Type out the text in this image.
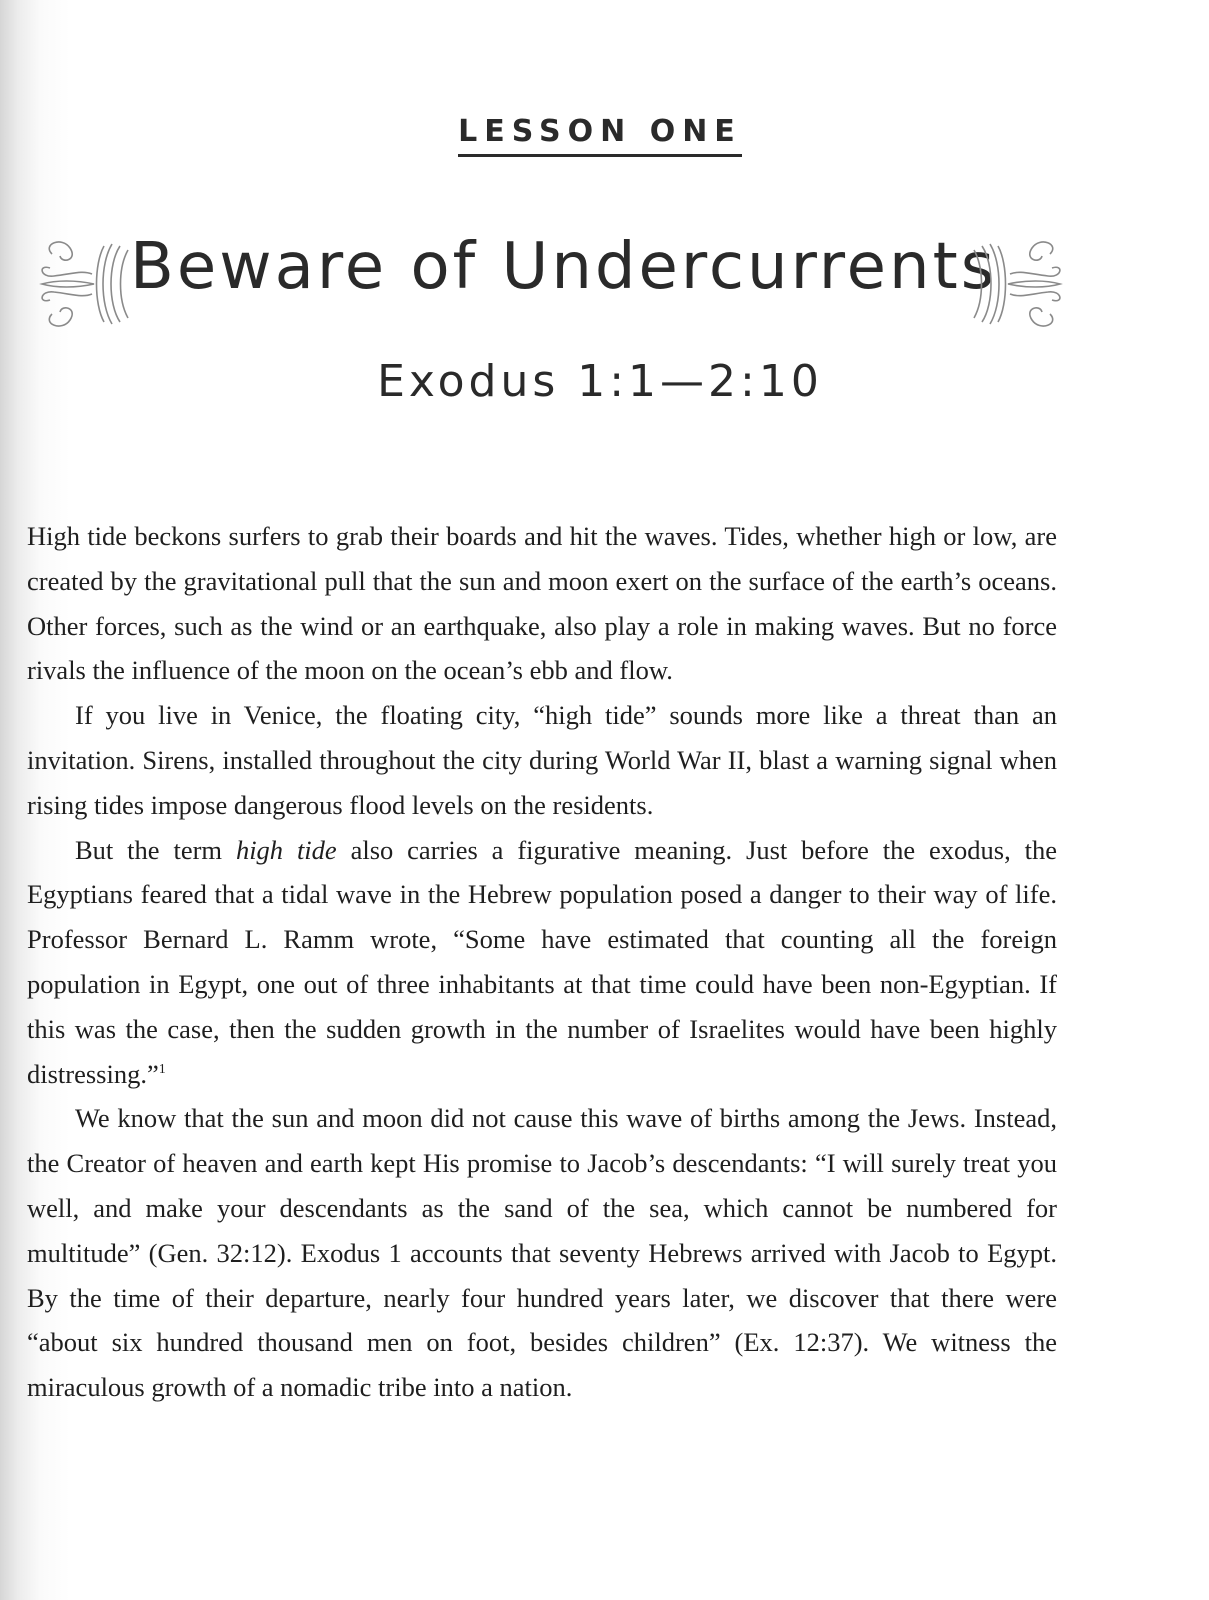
LESSON ONE
Beware of Undercurrents
Exodus 1:1—2:10

High tide beckons surfers to grab their boards and hit the waves. Tides, whether high or low, are created by the gravitational pull that the sun and moon exert on the surface of the earth’s oceans. Other forces, such as the wind or an earthquake, also play a role in making waves. But no force rivals the influence of the moon on the ocean’s ebb and flow.

If you live in Venice, the floating city, “high tide” sounds more like a threat than an invitation. Sirens, installed throughout the city during World War II, blast a warning signal when rising tides impose dangerous flood levels on the residents.

But the term high tide also carries a figurative meaning. Just before the exodus, the Egyptians feared that a tidal wave in the Hebrew population posed a danger to their way of life. Professor Bernard L. Ramm wrote, “Some have estimated that counting all the foreign population in Egypt, one out of three inhabitants at that time could have been non-Egyptian. If this was the case, then the sudden growth in the number of Israelites would have been highly distressing.”$^1$

We know that the sun and moon did not cause this wave of births among the Jews. Instead, the Creator of heaven and earth kept His promise to Jacob’s descendants: “I will surely treat you well, and make your descendants as the sand of the sea, which cannot be numbered for multitude” (Gen. 32:12). Exodus 1 accounts that seventy Hebrews arrived with Jacob to Egypt. By the time of their departure, nearly four hundred years later, we discover that there were “about six hundred thousand men on foot, besides children” (Ex. 12:37). We witness the miraculous growth of a nomadic tribe into a nation.
